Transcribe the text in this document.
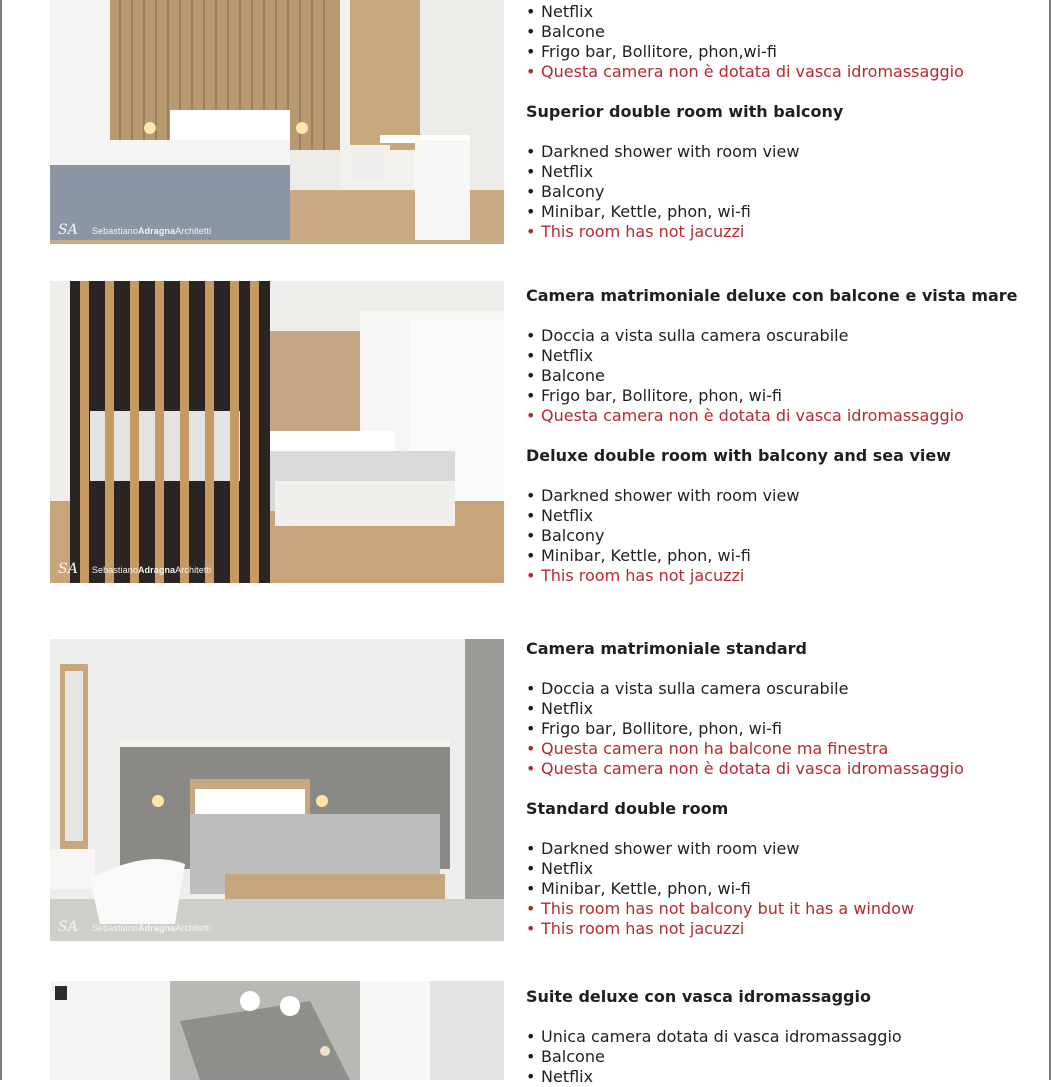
SA SebastianoAdragnaArchitetti
• Netflix
• Balcone
• Frigo bar, Bollitore, phon,wi-fi
• Questa camera non è dotata di vasca idromassaggio
Superior double room with balcony
• Darkned shower with room view
• Netflix
• Balcony
• Minibar, Kettle, phon, wi-fi
• This room has not jacuzzi
SA SebastianoAdragnaArchitetti
Camera matrimoniale deluxe con balcone e vista mare
• Doccia a vista sulla camera oscurabile
• Netflix
• Balcone
• Frigo bar, Bollitore, phon, wi-fi
• Questa camera non è dotata di vasca idromassaggio
Deluxe double room with balcony and sea view
• Darkned shower with room view
• Netflix
• Balcony
• Minibar, Kettle, phon, wi-fi
• This room has not jacuzzi
SA SebastianoAdragnaArchitetti
Camera matrimoniale standard
• Doccia a vista sulla camera oscurabile
• Netflix
• Frigo bar, Bollitore, phon, wi-fi
• Questa camera non ha balcone ma finestra
• Questa camera non è dotata di vasca idromassaggio
Standard double room
• Darkned shower with room view
• Netflix
• Minibar, Kettle, phon, wi-fi
• This room has not balcony but it has a window
• This room has not jacuzzi
Suite deluxe con vasca idromassaggio
• Unica camera dotata di vasca idromassaggio
• Balcone
• Netflix
